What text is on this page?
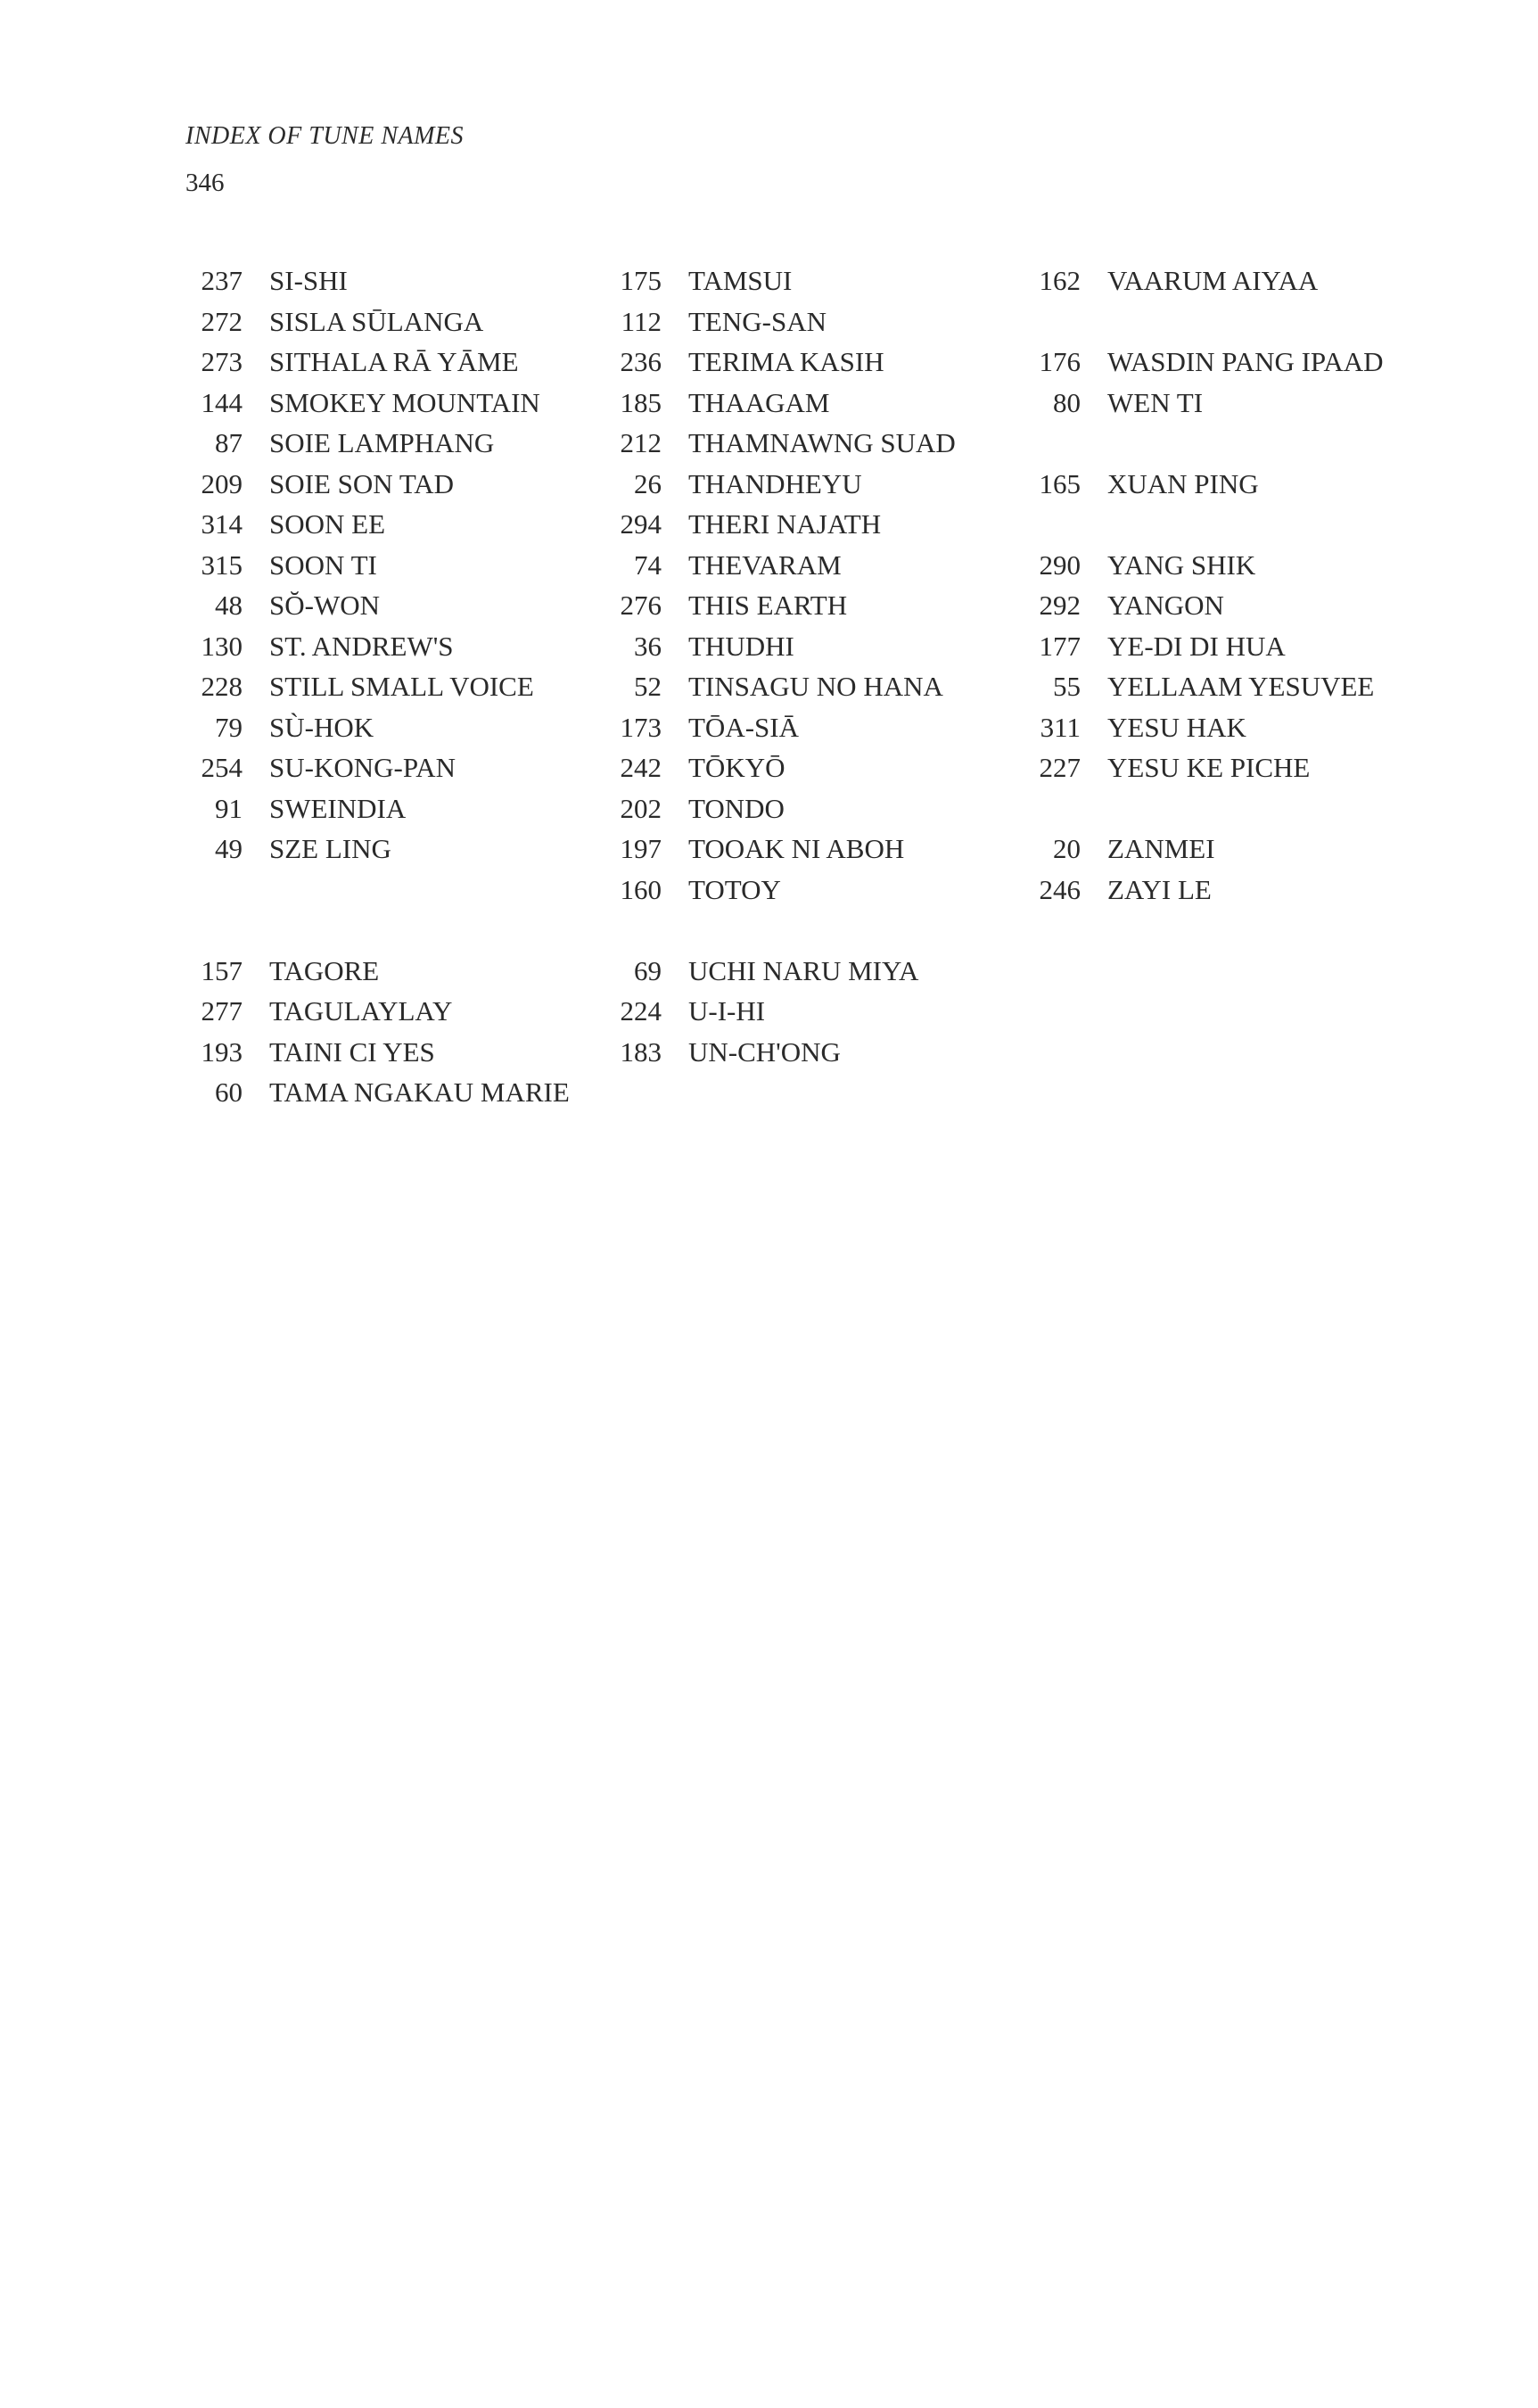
INDEX OF TUNE NAMES
346
237 SI-SHI
272 SISLA SŪLANGA
273 SITHALA RĀ YĀME
144 SMOKEY MOUNTAIN
87 SOIE LAMPHANG
209 SOIE SON TAD
314 SOON EE
315 SOON TI
48 SŎ-WON
130 ST. ANDREW'S
228 STILL SMALL VOICE
79 SÙ-HOK
254 SU-KONG-PAN
91 SWEINDIA
49 SZE LING
157 TAGORE
277 TAGULAYLAY
193 TAINI CI YES
60 TAMA NGAKAU MARIE
175 TAMSUI
112 TENG-SAN
236 TERIMA KASIH
185 THAAGAM
212 THAMNAWNG SUAD
26 THANDHEYU
294 THERI NAJATH
74 THEVARAM
276 THIS EARTH
36 THUDHI
52 TINSAGU NO HANA
173 TŌA-SIĀ
242 TŌKYŌ
202 TONDO
197 TOOAK NI ABOH
160 TOTOY
69 UCHI NARU MIYA
224 U-I-HI
183 UN-CH'ONG
162 VAARUM AIYAA
176 WASDIN PANG IPAAD
80 WEN TI
165 XUAN PING
290 YANG SHIK
292 YANGON
177 YE-DI DI HUA
55 YELLAAM YESUVEE
311 YESU HAK
227 YESU KE PICHE
20 ZANMEI
246 ZAYI LE
